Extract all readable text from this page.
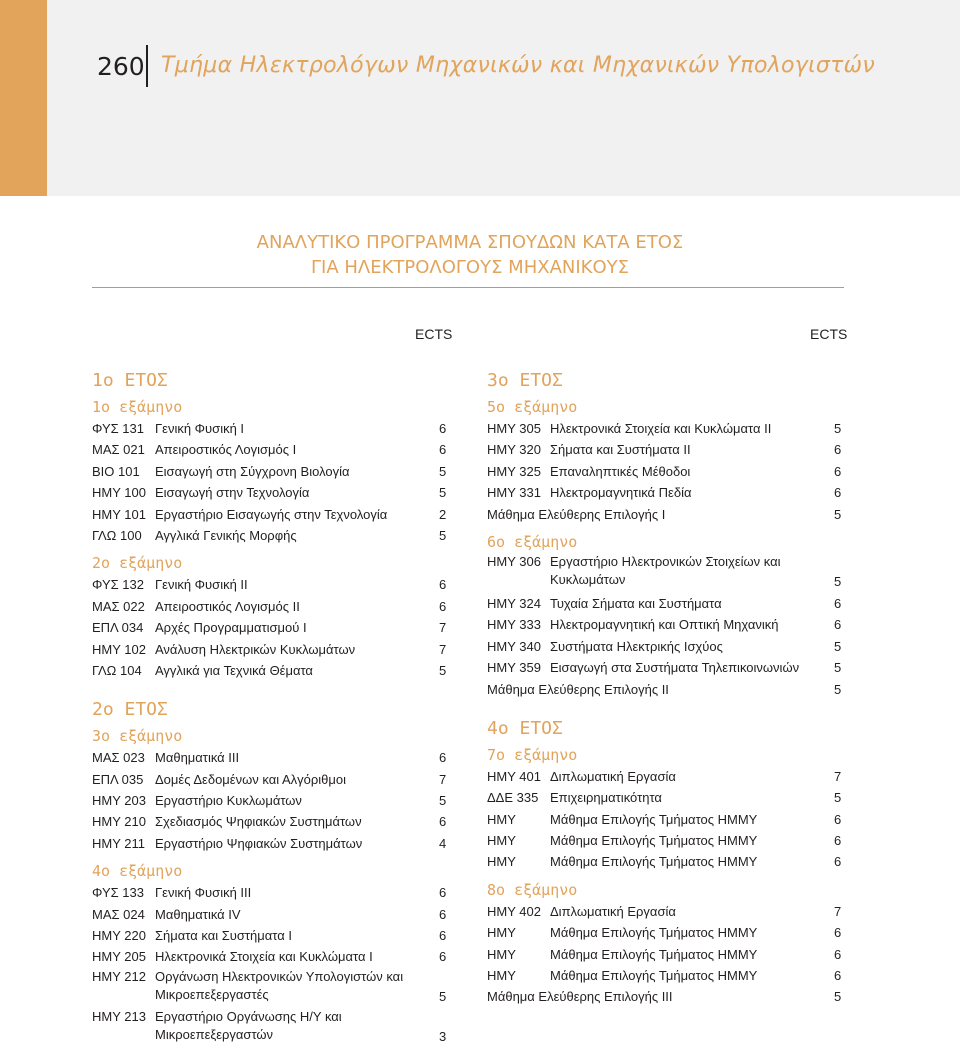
260 Τμήμα Ηλεκτρολόγων Μηχανικών και Μηχανικών Υπολογιστών
ΑΝΑΛΥΤΙΚΟ ΠΡΟΓΡΑΜΜΑ ΣΠΟΥΔΩΝ ΚΑΤΑ ΕΤΟΣ
ΓΙΑ ΗΛΕΚΤΡΟΛΟΓΟΥΣ ΜΗΧΑΝΙΚΟΥΣ
ECTS	ECTS
1ο ΕΤΟΣ
1ο εξάμηνο
ΦΥΣ 131 Γενική Φυσική Ι	6
ΜΑΣ 021 Απειροστικός Λογισμός Ι	6
ΒΙΟ 101 Εισαγωγή στη Σύγχρονη Βιολογία	5
ΗΜΥ 100 Εισαγωγή στην Τεχνολογία	5
ΗΜΥ 101 Εργαστήριο Εισαγωγής στην Τεχνολογία	2
ΓΛΩ 100 Αγγλικά Γενικής Μορφής	5
2ο εξάμηνο
ΦΥΣ 132 Γενική Φυσική ΙΙ	6
ΜΑΣ 022 Απειροστικός Λογισμός ΙΙ	6
ΕΠΛ 034 Αρχές Προγραμματισμού Ι	7
ΗΜΥ 102 Ανάλυση Ηλεκτρικών Κυκλωμάτων	7
ΓΛΩ 104 Αγγλικά για Τεχνικά Θέματα	5
2ο ΕΤΟΣ
3ο εξάμηνο
ΜΑΣ 023 Μαθηματικά ΙΙΙ	6
ΕΠΛ 035 Δομές Δεδομένων και Αλγόριθμοι	7
ΗΜΥ 203 Εργαστήριο Κυκλωμάτων	5
ΗΜΥ 210 Σχεδιασμός Ψηφιακών Συστημάτων	6
ΗΜΥ 211 Εργαστήριο Ψηφιακών Συστημάτων	4
4ο εξάμηνο
ΦΥΣ 133 Γενική Φυσική ΙΙΙ	6
ΜΑΣ 024 Μαθηματικά ΙV	6
ΗΜΥ 220 Σήματα και Συστήματα Ι	6
ΗΜΥ 205 Ηλεκτρονικά Στοιχεία και Κυκλώματα Ι	6
ΗΜΥ 212 Οργάνωση Ηλεκτρονικών Υπολογιστών και Μικροεπεξεργαστές	5
ΗΜΥ 213 Εργαστήριο Οργάνωσης Η/Υ και Μικροεπεξεργαστών	3
3ο ΕΤΟΣ
5ο εξάμηνο
ΗΜΥ 305 Ηλεκτρονικά Στοιχεία και Κυκλώματα ΙΙ	5
ΗΜΥ 320 Σήματα και Συστήματα ΙΙ	6
ΗΜΥ 325 Επαναληπτικές Μέθοδοι	6
ΗΜΥ 331 Ηλεκτρομαγνητικά Πεδία	6
Μάθημα Ελεύθερης Επιλογής Ι	5
6ο εξάμηνο
ΗΜΥ 306 Εργαστήριο Ηλεκτρονικών Στοιχείων και Κυκλωμάτων	5
ΗΜΥ 324 Τυχαία Σήματα και Συστήματα	6
ΗΜΥ 333 Ηλεκτρομαγνητική και Οπτική Μηχανική	6
ΗΜΥ 340 Συστήματα Ηλεκτρικής Ισχύος	5
ΗΜΥ 359 Εισαγωγή στα Συστήματα Τηλεπικοινωνιών	5
Μάθημα Ελεύθερης Επιλογής ΙΙ	5
4ο ΕΤΟΣ
7ο εξάμηνο
ΗΜΥ 401 Διπλωματική Εργασία	7
ΔΔΕ 335 Επιχειρηματικότητα	5
ΗΜΥ	Μάθημα Επιλογής Τμήματος ΗΜΜΥ	6
ΗΜΥ	Μάθημα Επιλογής Τμήματος ΗΜΜΥ	6
ΗΜΥ	Μάθημα Επιλογής Τμήματος ΗΜΜΥ	6
8ο εξάμηνο
ΗΜΥ 402 Διπλωματική Εργασία	7
ΗΜΥ	Μάθημα Επιλογής Τμήματος ΗΜΜΥ	6
ΗΜΥ	Μάθημα Επιλογής Τμήματος ΗΜΜΥ	6
ΗΜΥ	Μάθημα Επιλογής Τμήματος ΗΜΜΥ	6
Μάθημα Ελεύθερης Επιλογής ΙΙΙ	5
